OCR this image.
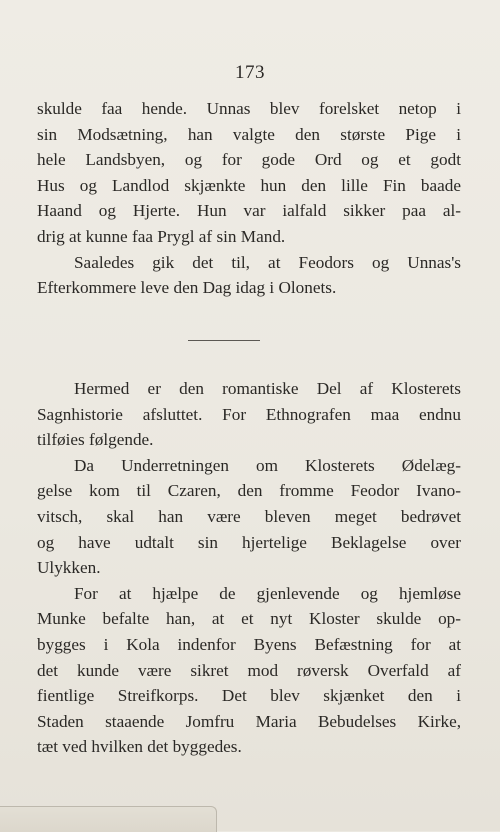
173
skulde faa hende. Unnas blev forelsket netop i
sin Modsætning, han valgte den største Pige i
hele Landsbyen, og for gode Ord og et godt
Hus og Landlod skjænkte hun den lille Fin baade
Haand og Hjerte. Hun var ialfald sikker paa al-
drig at kunne faa Prygl af sin Mand.
Saaledes gik det til, at Feodors og Unnas's
Efterkommere leve den Dag idag i Olonets.
Hermed er den romantiske Del af Klosterets
Sagnhistorie afsluttet. For Ethnografen maa endnu
tilføies følgende.
Da Underretningen om Klosterets Ødelæg-
gelse kom til Czaren, den fromme Feodor Ivano-
vitsch, skal han være bleven meget bedrøvet
og have udtalt sin hjertelige Beklagelse over
Ulykken.
For at hjælpe de gjenlevende og hjemløse
Munke befalte han, at et nyt Kloster skulde op-
bygges i Kola indenfor Byens Befæstning for at
det kunde være sikret mod røversk Overfald af
fientlige Streifkorps. Det blev skjænket den i
Staden staaende Jomfru Maria Bebudelses Kirke,
tæt ved hvilken det byggedes.
